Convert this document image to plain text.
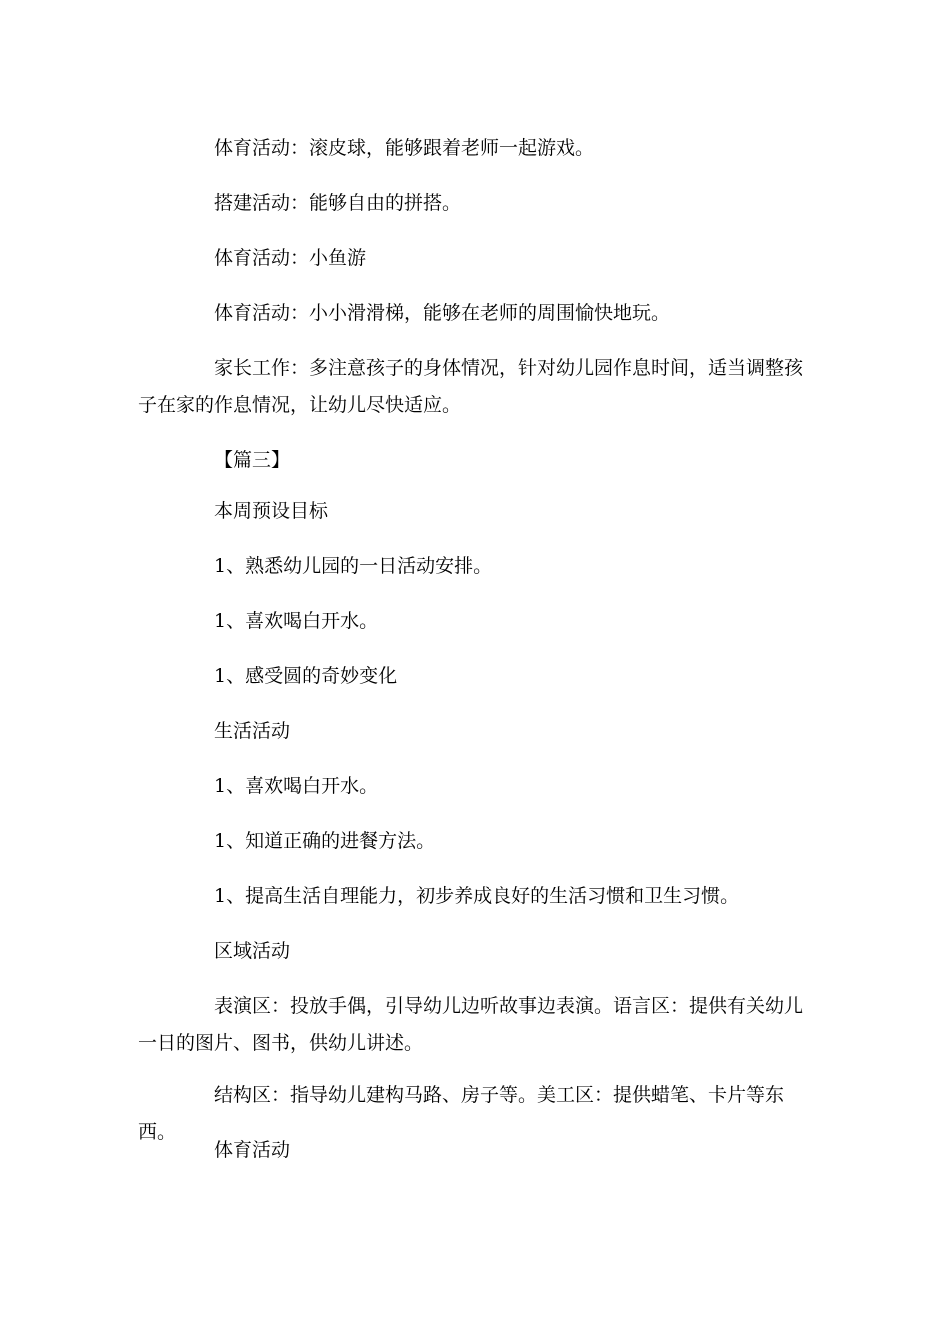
体育活动：滚皮球，能够跟着老师一起游戏。

搭建活动：能够自由的拼搭。

体育活动：小鱼游

体育活动：小小滑滑梯，能够在老师的周围愉快地玩。

家长工作：多注意孩子的身体情况，针对幼儿园作息时间，适当调整孩子在家的作息情况，让幼儿尽快适应。

【篇三】

本周预设目标

1、熟悉幼儿园的一日活动安排。

1、喜欢喝白开水。

1、感受圆的奇妙变化

生活活动

1、喜欢喝白开水。

1、知道正确的进餐方法。

1、提高生活自理能力，初步养成良好的生活习惯和卫生习惯。

区域活动

表演区：投放手偶，引导幼儿边听故事边表演。语言区：提供有关幼儿一日的图片、图书，供幼儿讲述。

结构区：指导幼儿建构马路、房子等。美工区：提供蜡笔、卡片等东西。

体育活动
